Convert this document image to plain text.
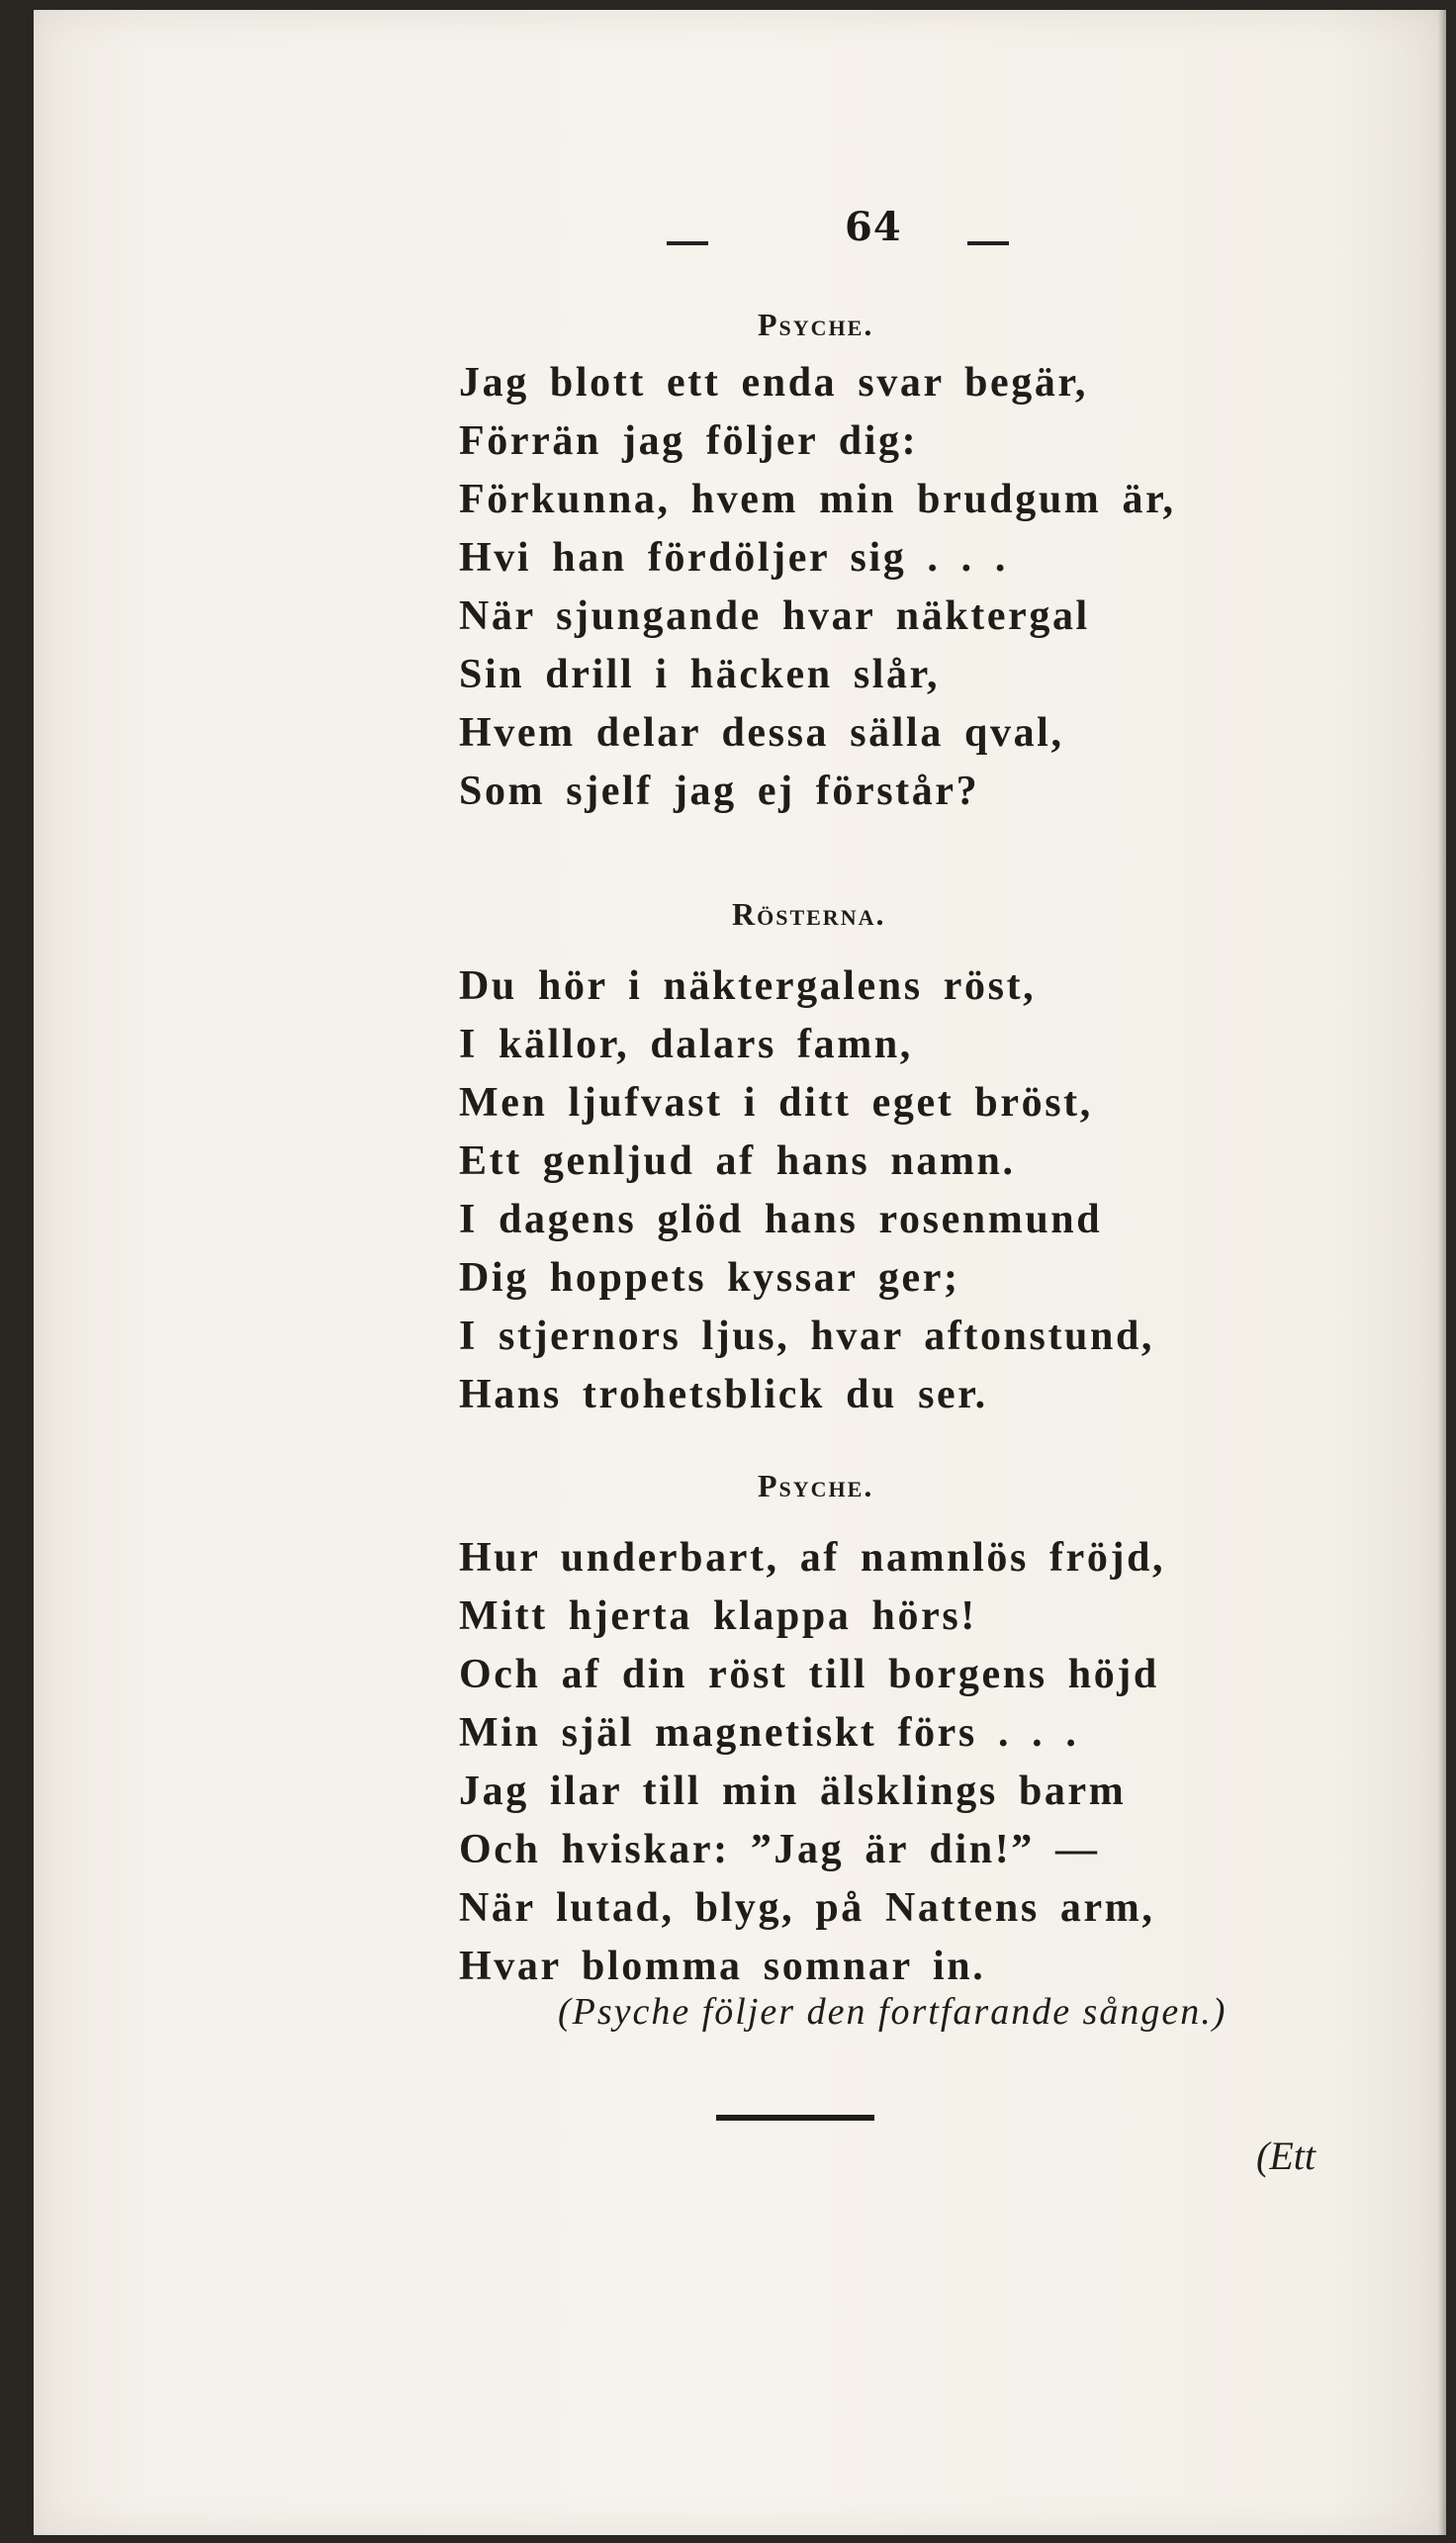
64
Psyche.
Jag blott ett enda svar begär,
Förrän jag följer dig:
Förkunna, hvem min brudgum är,
Hvi han fördöljer sig . . .
När sjungande hvar näktergal
Sin drill i häcken slår,
Hvem delar dessa sälla qval,
Som sjelf jag ej förstår?
Rösterna.
Du hör i näktergalens röst,
I källor, dalars famn,
Men ljufvast i ditt eget bröst,
Ett genljud af hans namn.
I dagens glöd hans rosenmund
Dig hoppets kyssar ger;
I stjernors ljus, hvar aftonstund,
Hans trohetsblick du ser.
Psyche.
Hur underbart, af namnlös fröjd,
Mitt hjerta klappa hörs!
Och af din röst till borgens höjd
Min själ magnetiskt förs . . .
Jag ilar till min älsklings barm
Och hviskar: ”Jag är din!” —
När lutad, blyg, på Nattens arm,
Hvar blomma somnar in.
(Psyche följer den fortfarande sången.)
(Ett
